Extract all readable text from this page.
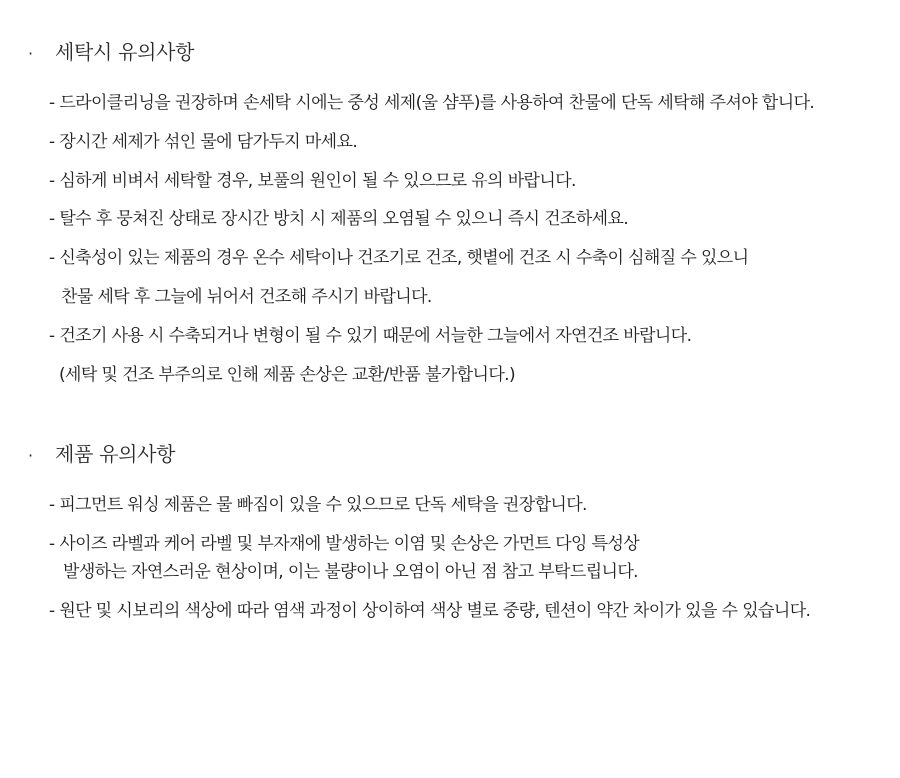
· 세탁시 유의사항
- 드라이클리닝을 권장하며 손세탁 시에는 중성 세제(울 샴푸)를 사용하여 찬물에 단독 세탁해 주셔야 합니다.
- 장시간 세제가 섞인 물에 담가두지 마세요.
- 심하게 비벼서 세탁할 경우, 보풀의 원인이 될 수 있으므로 유의 바랍니다.
- 탈수 후 뭉쳐진 상태로 장시간 방치 시 제품의 오염될 수 있으니 즉시 건조하세요.
- 신축성이 있는 제품의 경우 온수 세탁이나 건조기로 건조, 햇볕에 건조 시 수축이 심해질 수 있으니
찬물 세탁 후 그늘에 뉘어서 건조해 주시기 바랍니다.
- 건조기 사용 시 수축되거나 변형이 될 수 있기 때문에 서늘한 그늘에서 자연건조 바랍니다.
(세탁 및 건조 부주의로 인해 제품 손상은 교환/반품 불가합니다.)
· 제품 유의사항
- 피그먼트 워싱 제품은 물 빠짐이 있을 수 있으므로 단독 세탁을 권장합니다.
- 사이즈 라벨과 케어 라벨 및 부자재에 발생하는 이염 및 손상은 가먼트 다잉 특성상
발생하는 자연스러운 현상이며, 이는 불량이나 오염이 아닌 점 참고 부탁드립니다.
- 원단 및 시보리의 색상에 따라 염색 과정이 상이하여 색상 별로 중량, 텐션이 약간 차이가 있을 수 있습니다.
